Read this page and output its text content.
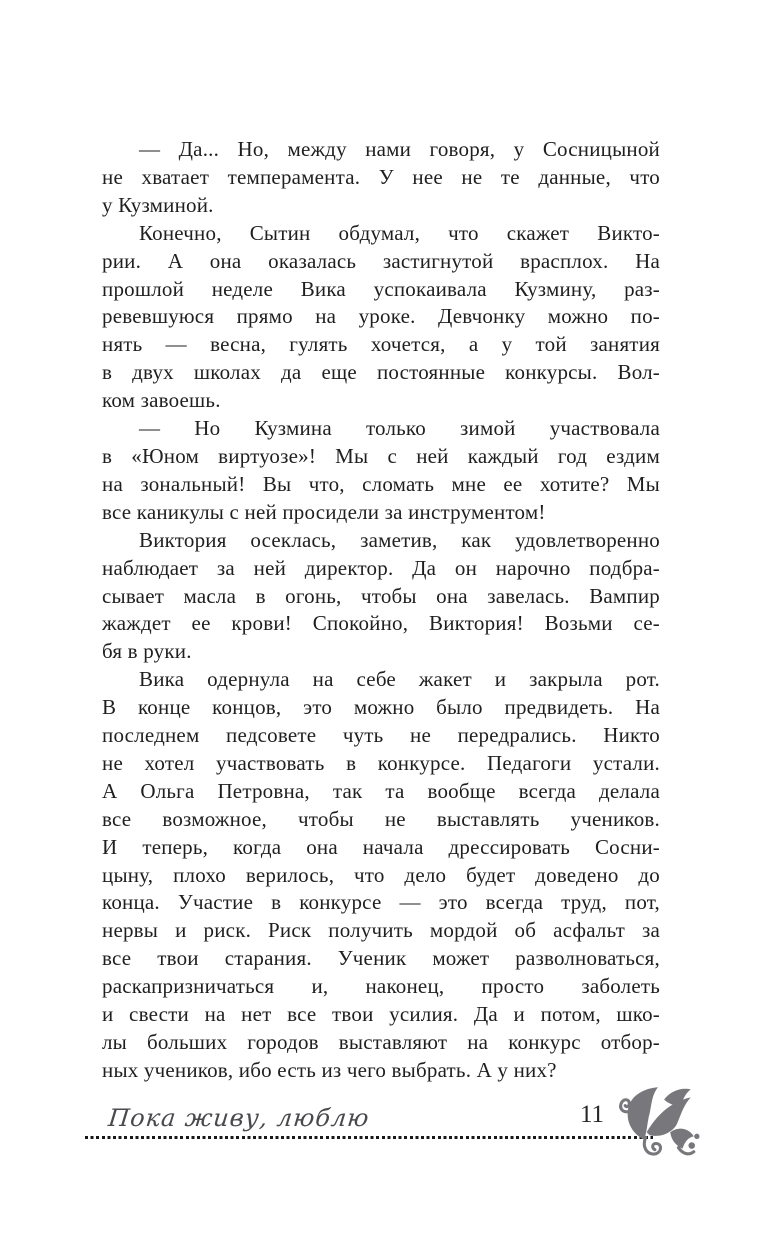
— Да... Но, между нами говоря, у Сосницыной
не хватает темперамента. У нее не те данные, что
у Кузминой.
Конечно, Сытин обдумал, что скажет Викто-
рии. А она оказалась застигнутой врасплох. На
прошлой неделе Вика успокаивала Кузмину, раз-
ревевшуюся прямо на уроке. Девчонку можно по-
нять — весна, гулять хочется, а у той занятия
в двух школах да еще постоянные конкурсы. Вол-
ком завоешь.
— Но Кузмина только зимой участвовала
в «Юном виртуозе»! Мы с ней каждый год ездим
на зональный! Вы что, сломать мне ее хотите? Мы
все каникулы с ней просидели за инструментом!
Виктория осеклась, заметив, как удовлетворенно
наблюдает за ней директор. Да он нарочно подбра-
сывает масла в огонь, чтобы она завелась. Вампир
жаждет ее крови! Спокойно, Виктория! Возьми се-
бя в руки.
Вика одернула на себе жакет и закрыла рот.
В конце концов, это можно было предвидеть. На
последнем педсовете чуть не передрались. Никто
не хотел участвовать в конкурсе. Педагоги устали.
А Ольга Петровна, так та вообще всегда делала
все возможное, чтобы не выставлять учеников.
И теперь, когда она начала дрессировать Сосни-
цыну, плохо верилось, что дело будет доведено до
конца. Участие в конкурсе — это всегда труд, пот,
нервы и риск. Риск получить мордой об асфальт за
все твои старания. Ученик может разволноваться,
раскапризничаться и, наконец, просто заболеть
и свести на нет все твои усилия. Да и потом, шко-
лы больших городов выставляют на конкурс отбор-
ных учеников, ибо есть из чего выбрать. А у них?
Пока живу, люблю	11
